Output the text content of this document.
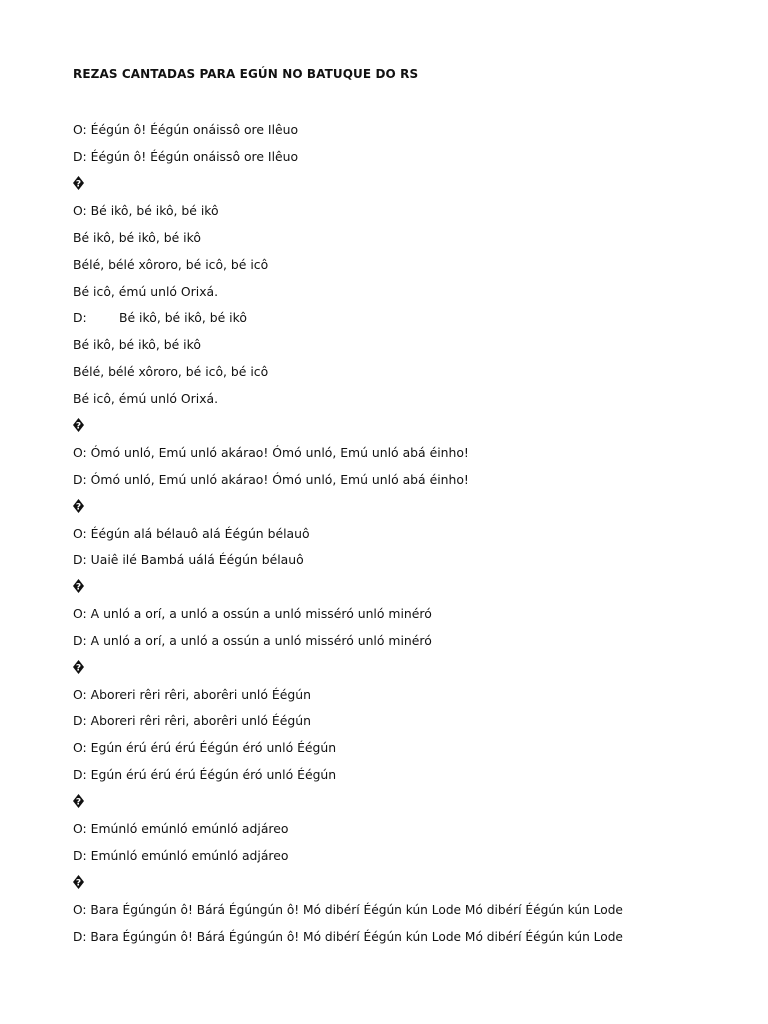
REZAS CANTADAS PARA EGÚN NO BATUQUE DO RS
O: Éégún ô! Éégún onáissô ore Ilêuo
D: Éégún ô! Éégún onáissô ore Ilêuo
?
O: Bé ikô, bé ikô, bé ikô
Bé ikô, bé ikô, bé ikô
Bélé, bélé xôroro, bé icô, bé icô
Bé icô, émú unló Orixá.
D:	Bé ikô, bé ikô, bé ikô
Bé ikô, bé ikô, bé ikô
Bélé, bélé xôroro, bé icô, bé icô
Bé icô, émú unló Orixá.
?
O: Ómó unló, Emú unló akárao! Ómó unló, Emú unló abá éinho!
D: Ómó unló, Emú unló akárao! Ómó unló, Emú unló abá éinho!
?
O: Éégún alá bélauô alá Éégún bélauô
D: Uaiê ilé Bambá uálá Éégún bélauô
?
O: A unló a orí, a unló a ossún a unló misséró unló minéró
D: A unló a orí, a unló a ossún a unló misséró unló minéró
?
O: Aboreri rêri rêri, aborêri unló Éégún
D: Aboreri rêri rêri, aborêri unló Éégún
O: Egún érú érú érú Éégún éró unló Éégún
D: Egún érú érú érú Éégún éró unló Éégún
?
O: Emúnló emúnló emúnló adjáreo
D: Emúnló emúnló emúnló adjáreo
?
O: Bara Égúngún ô! Bárá Égúngún ô! Mó dibérí Éégún kún Lode Mó dibérí Éégún kún Lode
D: Bara Égúngún ô! Bárá Égúngún ô! Mó dibérí Éégún kún Lode Mó dibérí Éégún kún Lode
